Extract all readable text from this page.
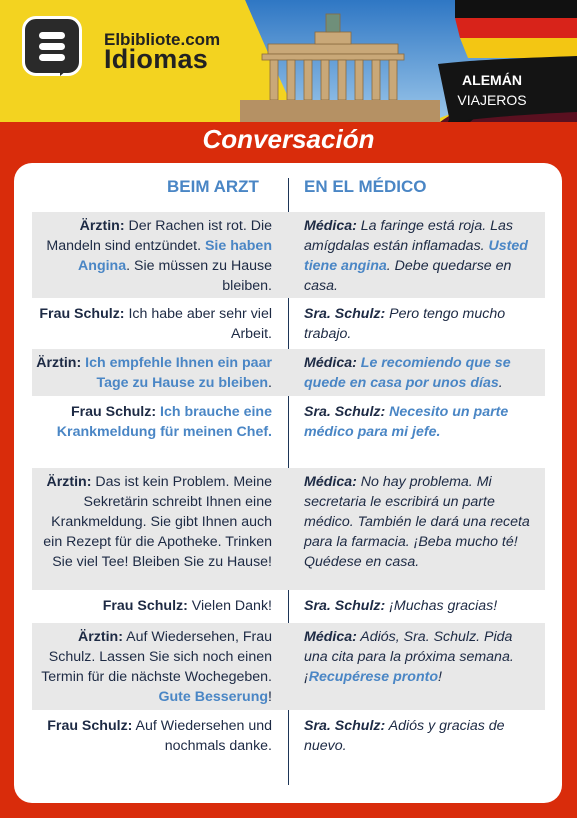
Elbibliote.com
Idiomas
ALEMÁN
VIAJEROS
Conversación
BEIM ARZT	EN EL MÉDICO
Ärztin: Der Rachen ist rot. Die Mandeln sind entzündet. Sie haben Angina. Sie müssen zu Hause bleiben.
Médica: La faringe está roja. Las amígdalas están inflamadas. Usted tiene angina. Debe quedarse en casa.
Frau Schulz: Ich habe aber sehr viel Arbeit.
Sra. Schulz: Pero tengo mucho trabajo.
Ärztin: Ich empfehle Ihnen ein paar Tage zu Hause zu bleiben.
Médica: Le recomiendo que se quede en casa por unos días.
Frau Schulz: Ich brauche eine Krankmeldung für meinen Chef.
Sra. Schulz: Necesito un parte médico para mi jefe.
Ärztin: Das ist kein Problem. Meine Sekretärin schreibt Ihnen eine Krankmeldung. Sie gibt Ihnen auch ein Rezept für die Apotheke. Trinken Sie viel Tee! Bleiben Sie zu Hause!
Médica: No hay problema. Mi secretaria le escribirá un parte médico. También le dará una receta para la farmacia. ¡Beba mucho té! Quédese en casa.
Frau Schulz: Vielen Dank! Sra. Schulz: ¡Muchas gracias!
Ärztin: Auf Wiedersehen, Frau Schulz. Lassen Sie sich noch einen Termin für die nächste Wochegeben. Gute Besserung!
Médica: Adiós, Sra. Schulz. Pida una cita para la próxima semana. ¡Recupérese pronto!
Frau Schulz: Auf Wiedersehen und nochmals danke.
Sra. Schulz: Adiós y gracias de nuevo.
